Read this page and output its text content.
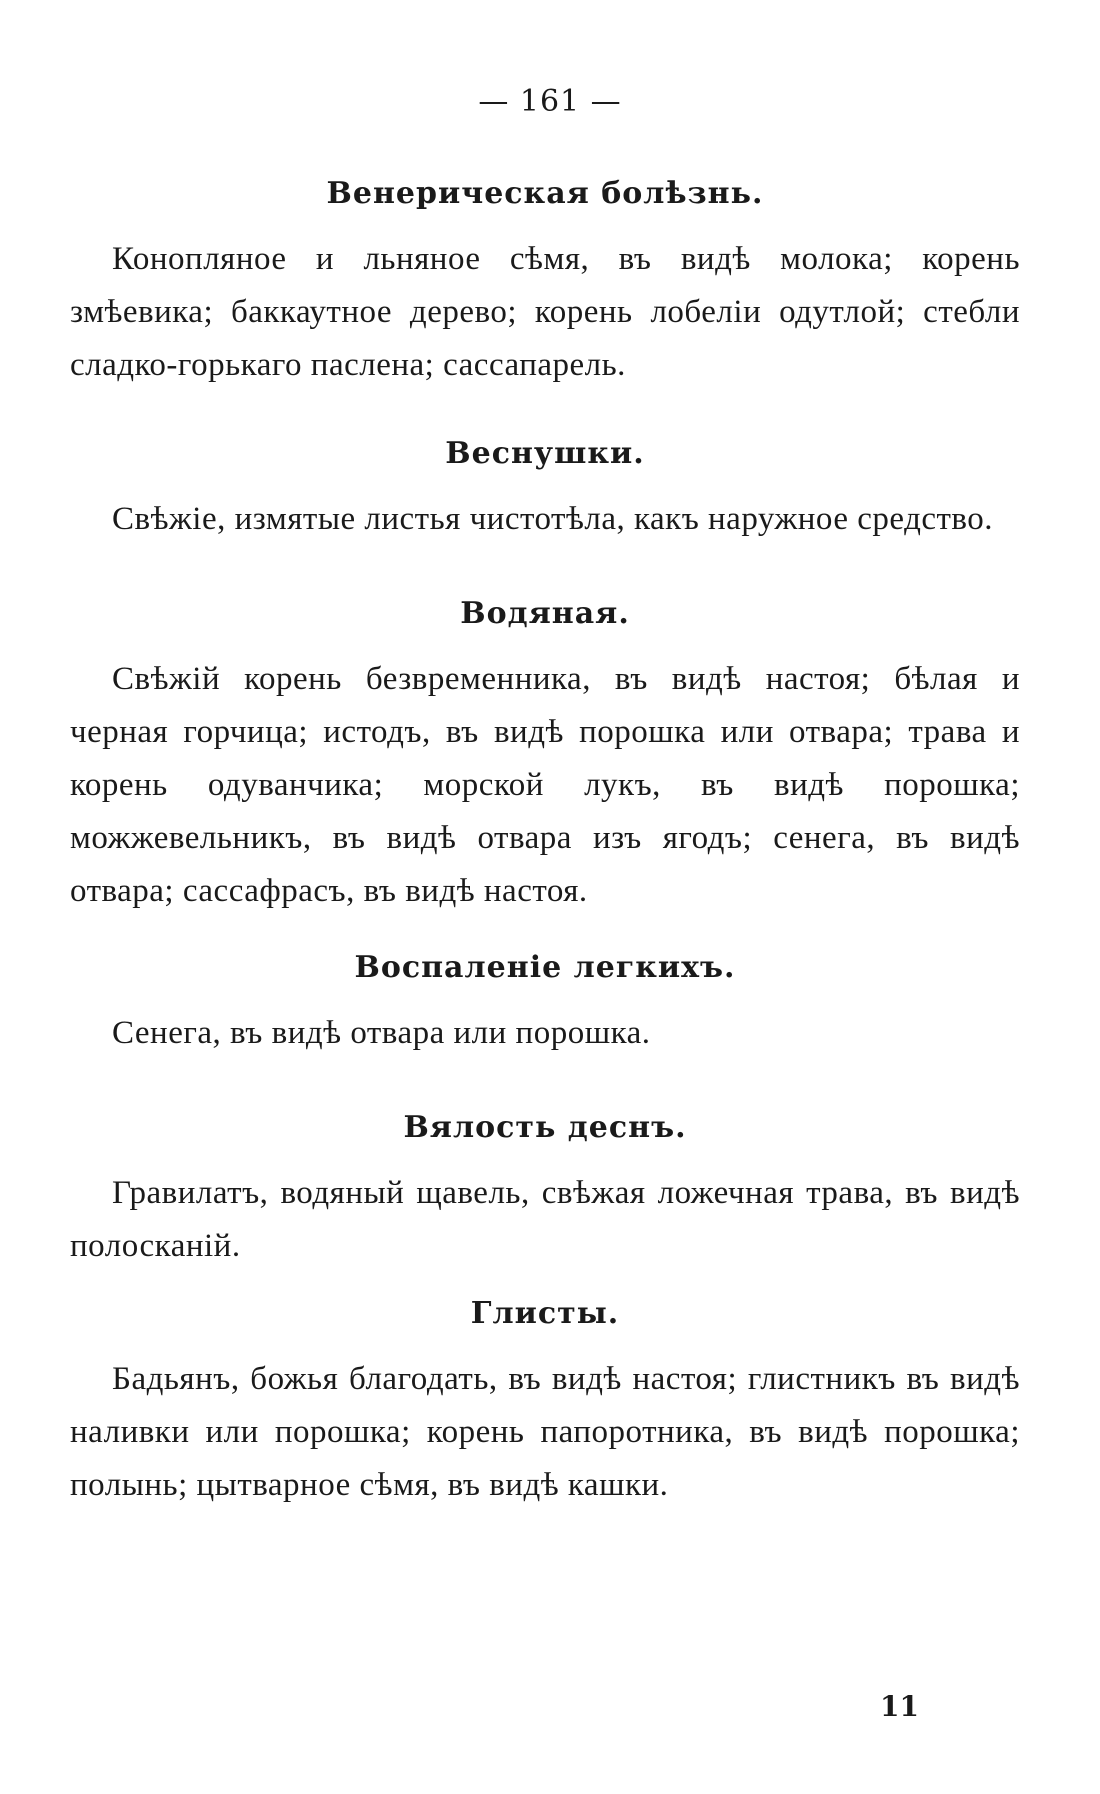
— 161 —
Венерическая болѣзнь.

Конопляное и льняное сѣмя, въ видѣ молока; корень змѣевика; баккаутное дерево; корень лобеліи одутлой; стебли сладко-горькаго паслена; сассапарель.

Веснушки.

Свѣжіе, измятые листья чистотѣла, какъ наружное средство.

Водяная.

Свѣжій корень безвременника, въ видѣ настоя; бѣлая и черная горчица; истодъ, въ видѣ порошка или отвара; трава и корень одуванчика; морской лукъ, въ видѣ порошка; можжевельникъ, въ видѣ отвара изъ ягодъ; сенега, въ видѣ отвара; сассафрасъ, въ видѣ настоя.

Воспаленіе легкихъ.

Сенега, въ видѣ отвара или порошка.

Вялость деснъ.

Гравилатъ, водяный щавель, свѣжая ложечная трава, въ видѣ полосканій.

Глисты.

Бадьянъ, божья благодать, въ видѣ настоя; глистникъ въ видѣ наливки или порошка; корень папоротника, въ видѣ порошка; полынь; цытварное сѣмя, въ видѣ кашки.

11
